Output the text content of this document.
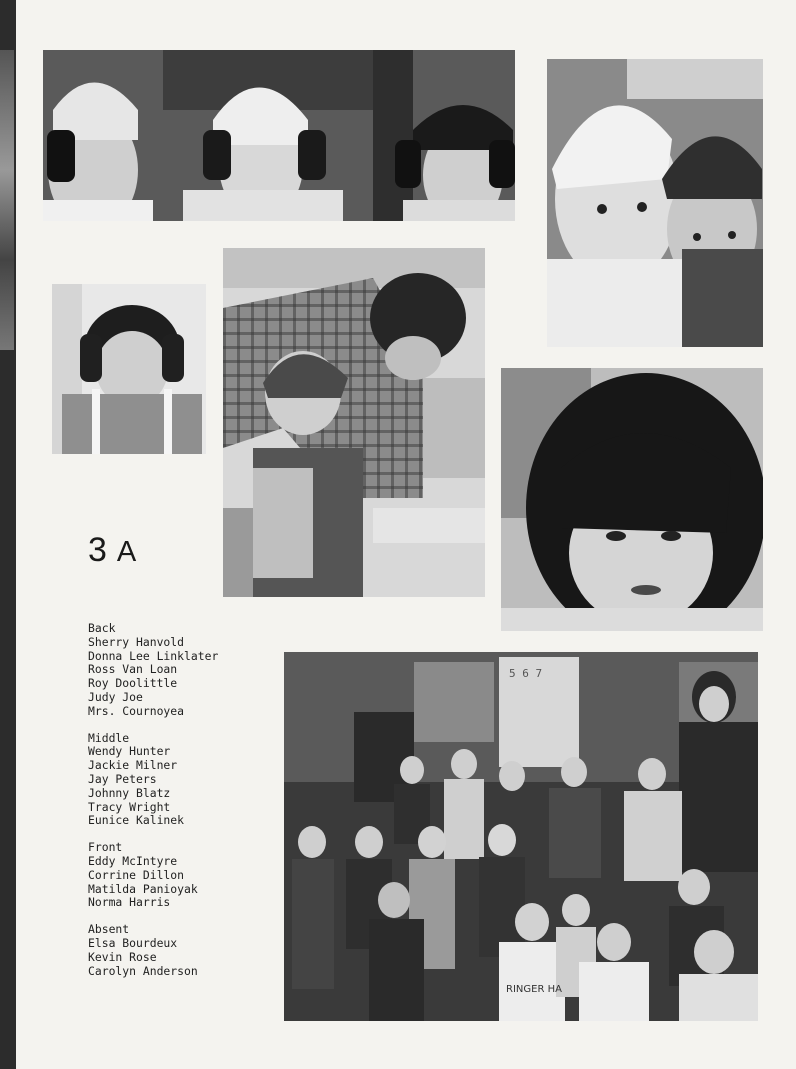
3 A
Back
Sherry Hanvold
Donna Lee Linklater
Ross Van Loan
Roy Doolittle
Judy Joe
Mrs. Cournoyea
Middle
Wendy Hunter
Jackie Milner
Jay Peters
Johnny Blatz
Tracy Wright
Eunice Kalinek
Front
Eddy McIntyre
Corrine Dillon
Matilda Panioyak
Norma Harris
Absent
Elsa Bourdeux
Kevin Rose
Carolyn Anderson
5 6 7
RINGER HA
